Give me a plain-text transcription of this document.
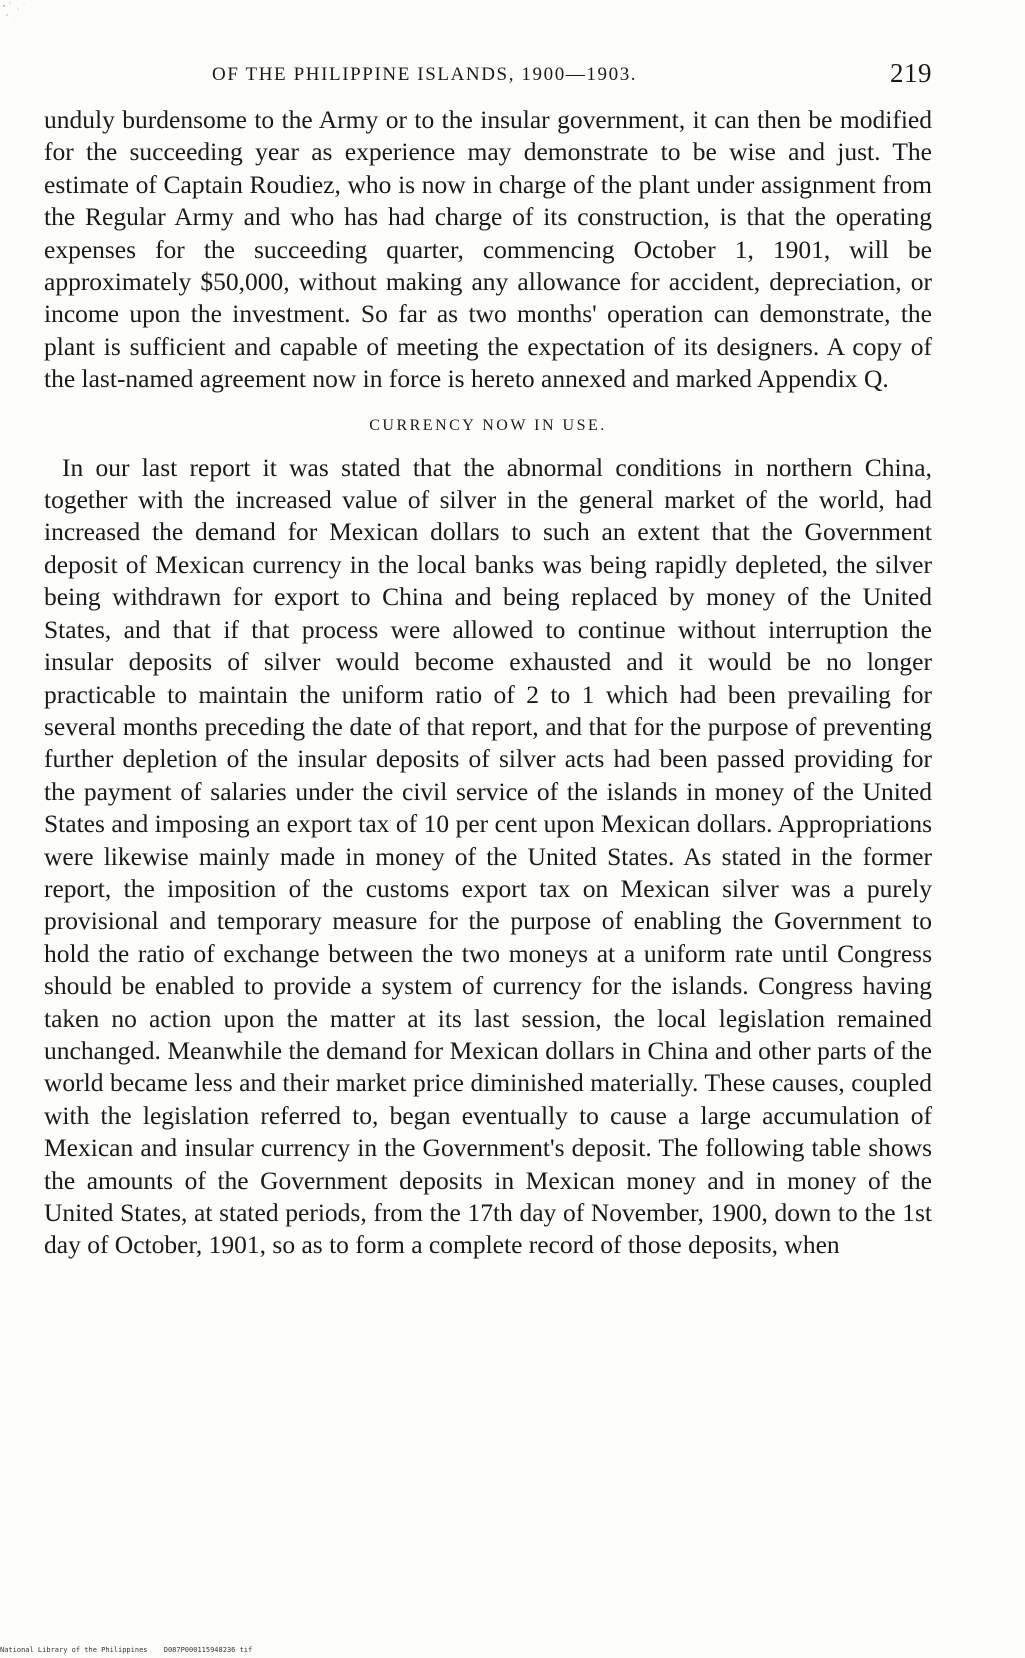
OF THE PHILIPPINE ISLANDS, 1900—1903.	219

unduly burdensome to the Army or to the insular government, it can then be modified for the succeeding year as experience may demonstrate to be wise and just. The estimate of Captain Roudiez, who is now in charge of the plant under assignment from the Regular Army and who has had charge of its construction, is that the operating expenses for the succeeding quarter, commencing October 1, 1901, will be approximately $50,000, without making any allowance for accident, depreciation, or income upon the investment. So far as two months' operation can demonstrate, the plant is sufficient and capable of meeting the expectation of its designers. A copy of the last-named agreement now in force is hereto annexed and marked Appendix Q.

CURRENCY NOW IN USE.

In our last report it was stated that the abnormal conditions in northern China, together with the increased value of silver in the general market of the world, had increased the demand for Mexican dollars to such an extent that the Government deposit of Mexican currency in the local banks was being rapidly depleted, the silver being withdrawn for export to China and being replaced by money of the United States, and that if that process were allowed to continue without interruption the insular deposits of silver would become exhausted and it would be no longer practicable to maintain the uniform ratio of 2 to 1 which had been prevailing for several months preceding the date of that report, and that for the purpose of preventing further depletion of the insular deposits of silver acts had been passed providing for the payment of salaries under the civil service of the islands in money of the United States and imposing an export tax of 10 per cent upon Mexican dollars. Appropriations were likewise mainly made in money of the United States. As stated in the former report, the imposition of the customs export tax on Mexican silver was a purely provisional and temporary measure for the purpose of enabling the Government to hold the ratio of exchange between the two moneys at a uniform rate until Congress should be enabled to provide a system of currency for the islands. Congress having taken no action upon the matter at its last session, the local legislation remained unchanged. Meanwhile the demand for Mexican dollars in China and other parts of the world became less and their market price diminished materially. These causes, coupled with the legislation referred to, began eventually to cause a large accumulation of Mexican and insular currency in the Government's deposit. The following table shows the amounts of the Government deposits in Mexican money and in money of the United States, at stated periods, from the 17th day of November, 1900, down to the 1st day of October, 1901, so as to form a complete record of those deposits, when

National Library of the Philippines D087P000115948236 tif
